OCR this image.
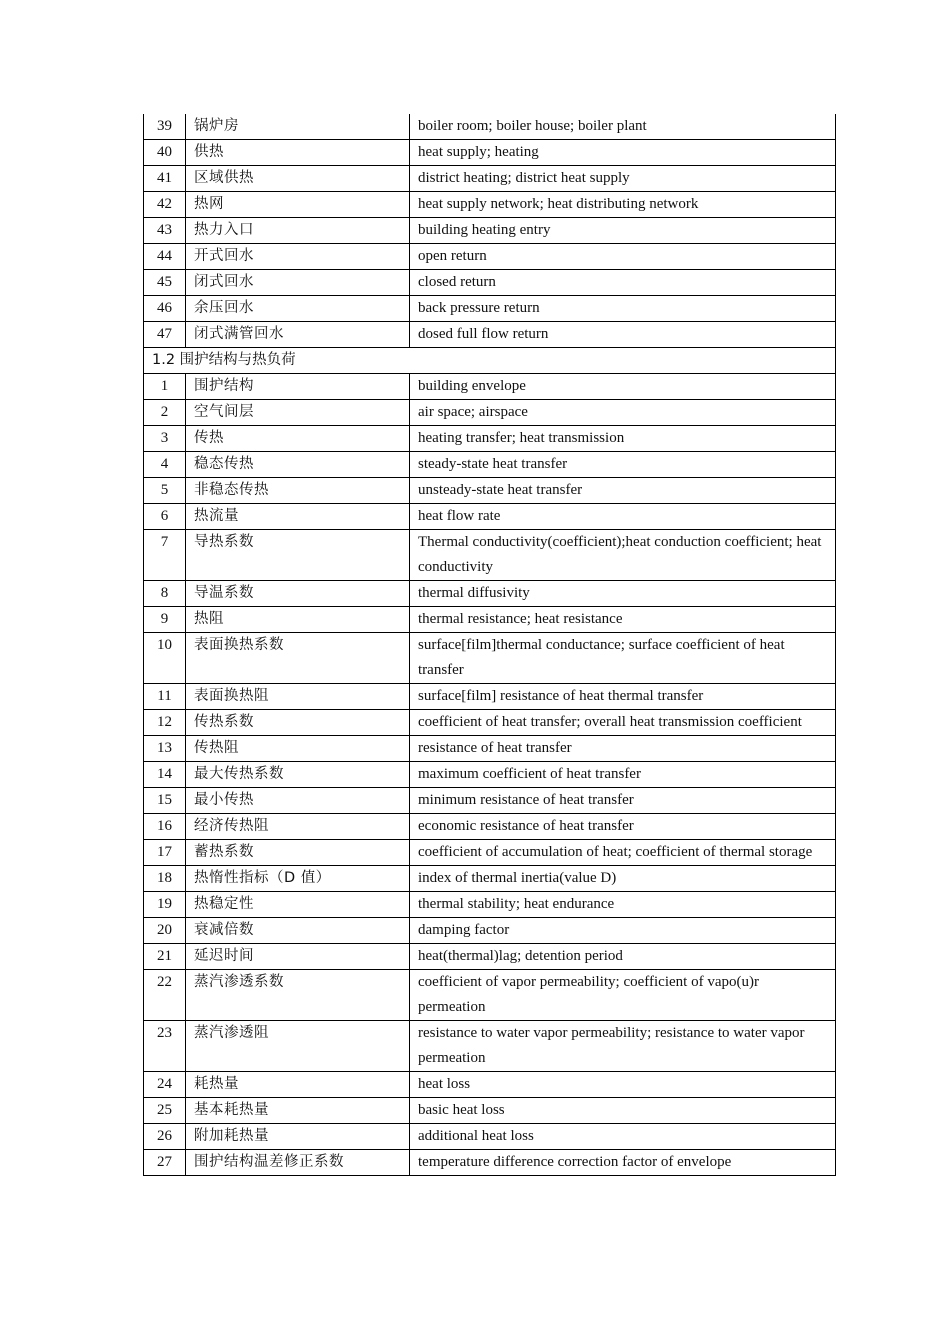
39	锅炉房	boiler room; boiler house; boiler plant
40	供热	heat supply; heating
41	区域供热	district heating; district heat supply
42	热网	heat supply network; heat distributing network
43	热力入口	building heating entry
44	开式回水	open return
45	闭式回水	closed return
46	余压回水	back pressure return
47	闭式满管回水	dosed full flow return
1.2 围护结构与热负荷		
1	围护结构	building envelope
2	空气间层	air space; airspace
3	传热	heating transfer; heat transmission
4	稳态传热	steady-state heat transfer
5	非稳态传热	unsteady-state heat transfer
6	热流量	heat flow rate
7	导热系数	Thermal conductivity(coefficient);heat conduction coefficient; heat conductivity
8	导温系数	thermal diffusivity
9	热阻	thermal resistance; heat resistance
10	表面换热系数	surface[film]thermal conductance; surface coefficient of heat transfer
11	表面换热阻	surface[film] resistance of heat thermal transfer
12	传热系数	coefficient of heat transfer; overall heat transmission coefficient
13	传热阻	resistance of heat transfer
14	最大传热系数	maximum coefficient of heat transfer
15	最小传热	minimum resistance of heat transfer
16	经济传热阻	economic resistance of heat transfer
17	蓄热系数	coefficient of accumulation of heat; coefficient of thermal storage
18	热惰性指标（D 值）	index of thermal inertia(value D)
19	热稳定性	thermal stability; heat endurance
20	衰减倍数	damping factor
21	延迟时间	heat(thermal)lag; detention period
22	蒸汽渗透系数	coefficient of vapor permeability; coefficient of vapo(u)r permeation
23	蒸汽渗透阻	resistance to water vapor permeability; resistance to water vapor permeation
24	耗热量	heat loss
25	基本耗热量	basic heat loss
26	附加耗热量	additional heat loss
27	围护结构温差修正系数	temperature difference correction factor of envelope
